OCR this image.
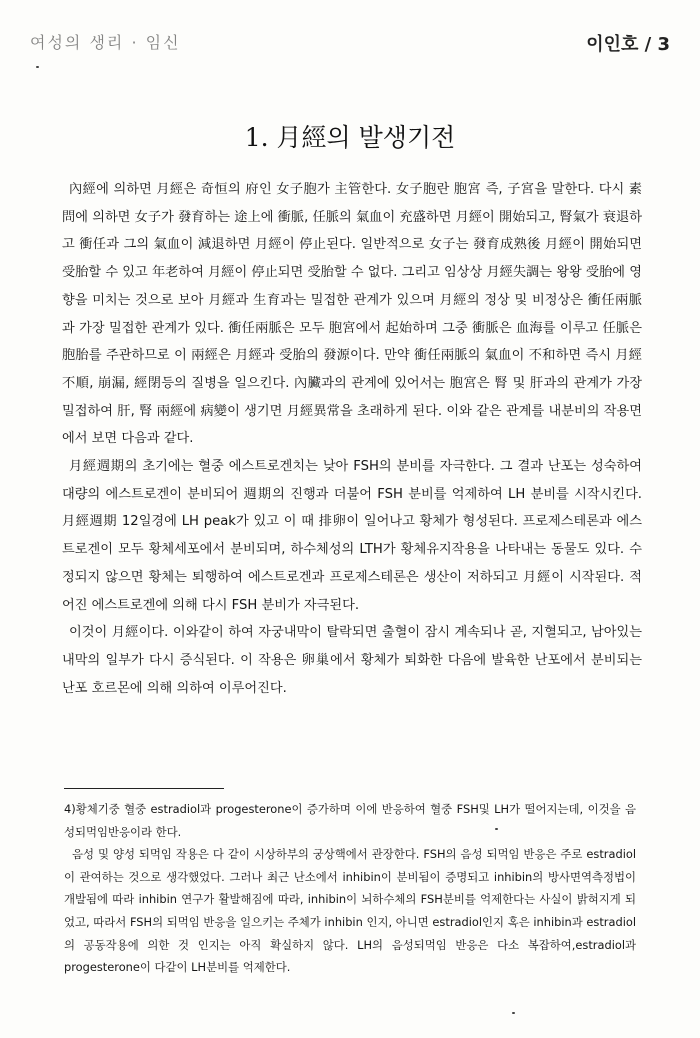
여성의 생리 · 임신	이인호 / 3
1. 月經의 발생기전

內經에 의하면 月經은 奇恒의 府인 女子胞가 主管한다. 女子胞란 胞宮 즉, 子宮을 말한다. 다시 素問에 의하면 女子가 發育하는 途上에 衝脈, 任脈의 氣血이 充盛하면 月經이 開始되고, 腎氣가 衰退하고 衝任과 그의 氣血이 減退하면 月經이 停止된다. 일반적으로 女子는 發育成熟後 月經이 開始되면 受胎할 수 있고 年老하여 月經이 停止되면 受胎할 수 없다. 그리고 임상상 月經失調는 왕왕 受胎에 영향을 미치는 것으로 보아 月經과 生育과는 밀접한 관계가 있으며 月經의 정상 및 비정상은 衝任兩脈과 가장 밀접한 관계가 있다. 衝任兩脈은 모두 胞宮에서 起始하며 그중 衝脈은 血海를 이루고 任脈은 胞胎를 주관하므로 이 兩經은 月經과 受胎의 發源이다. 만약 衝任兩脈의 氣血이 不和하면 즉시 月經不順, 崩漏, 經閉등의 질병을 일으킨다. 內臟과의 관계에 있어서는 胞宮은 腎 및 肝과의 관계가 가장 밀접하여 肝, 腎 兩經에 病變이 생기면 月經異常을 초래하게 된다. 이와 같은 관계를 내분비의 작용면에서 보면 다음과 같다.

月經週期의 초기에는 혈중 에스트로겐치는 낮아 FSH의 분비를 자극한다. 그 결과 난포는 성숙하여 대량의 에스트로겐이 분비되어 週期의 진행과 더불어 FSH 분비를 억제하여 LH 분비를 시작시킨다. 月經週期 12일경에 LH peak가 있고 이 때 排卵이 일어나고 황체가 형성된다. 프로제스테론과 에스트로겐이 모두 황체세포에서 분비되며, 하수체성의 LTH가 황체유지작용을 나타내는 동물도 있다. 수정되지 않으면 황체는 퇴행하여 에스트로겐과 프로제스테론은 생산이 저하되고 月經이 시작된다. 적어진 에스트로겐에 의해 다시 FSH 분비가 자극된다.

이것이 月經이다. 이와같이 하여 자궁내막이 탈락되면 출혈이 잠시 계속되나 곧, 지혈되고, 남아있는 내막의 일부가 다시 증식된다. 이 작용은 卵巢에서 황체가 퇴화한 다음에 발육한 난포에서 분비되는 난포 호르몬에 의해 의하여 이루어진다.

4)황체기중 혈중 estradiol과 progesterone이 증가하며 이에 반응하여 혈중 FSH및 LH가 떨어지는데, 이것을 음성되먹임반응이라 한다.

음성 및 양성 되먹임 작용은 다 같이 시상하부의 궁상핵에서 관장한다. FSH의 음성 되먹임 반응은 주로 estradiol이 관여하는 것으로 생각했었다. 그러나 최근 난소에서 inhibin이 분비됨이 증명되고 inhibin의 방사면역측정법이 개발됨에 따라 inhibin 연구가 활발해짐에 따라, inhibin이 뇌하수체의 FSH분비를 억제한다는 사실이 밝혀지게 되었고, 따라서 FSH의 되먹임 반응을 일으키는 주체가 inhibin 인지, 아니면 estradiol인지 혹은 inhibin과 estradiol의 공동작용에 의한 것 인지는 아직 확실하지 않다. LH의 음성되먹임 반응은 다소 복잡하여,estradiol과 progesterone이 다같이 LH분비를 억제한다.
